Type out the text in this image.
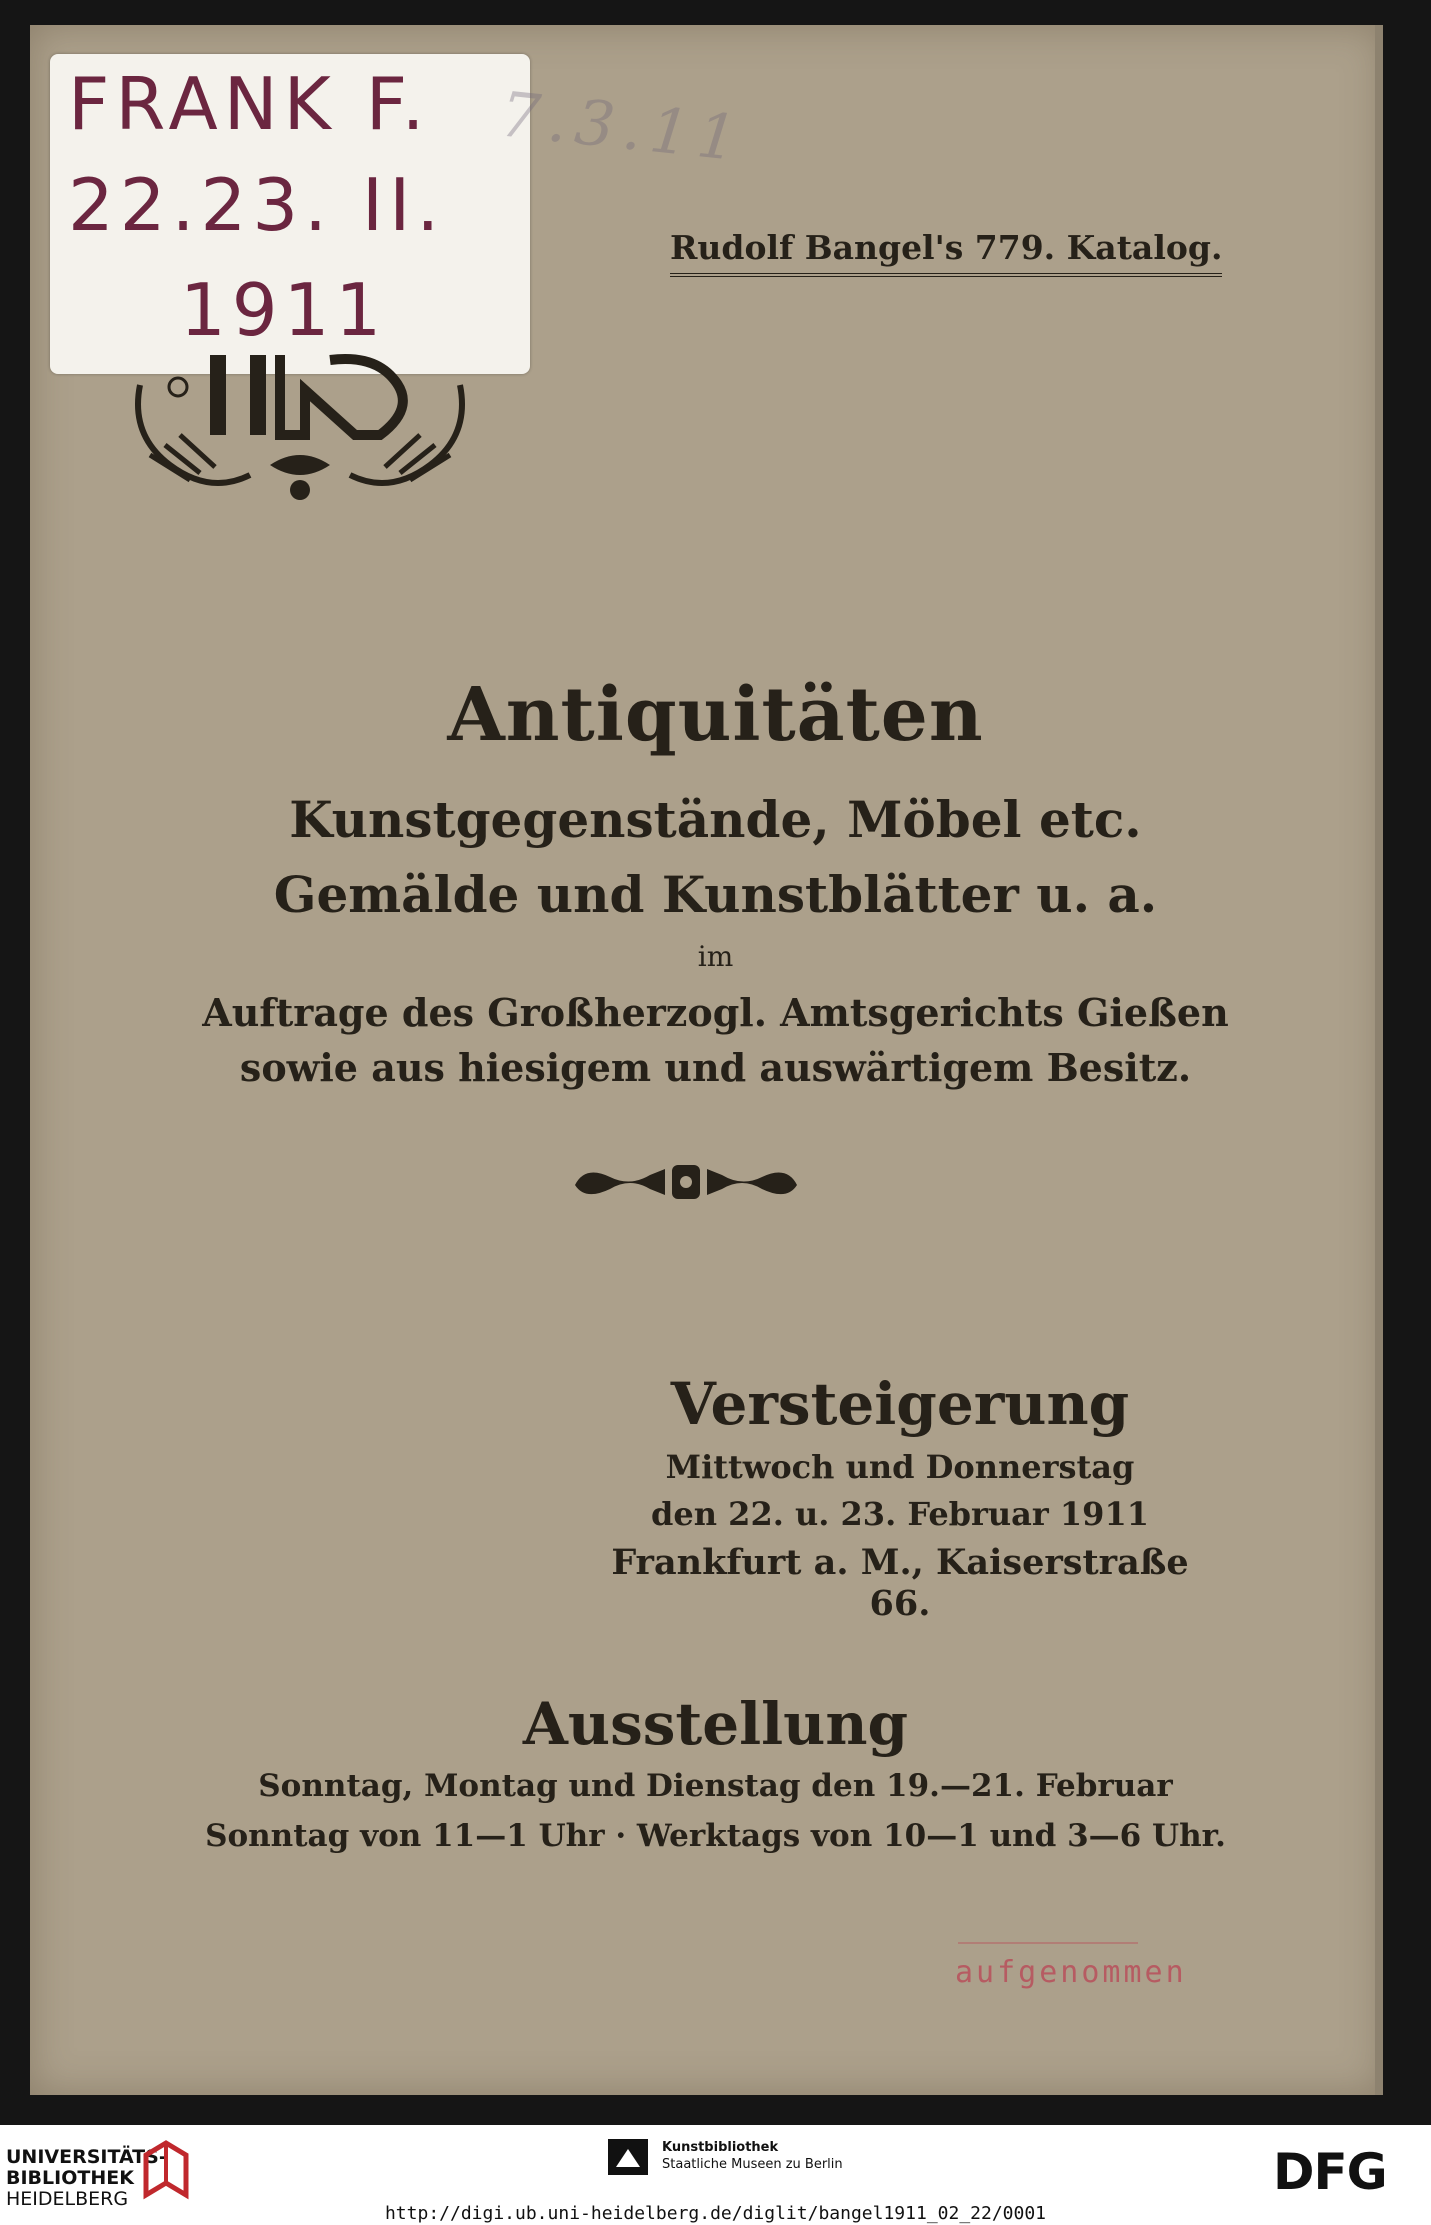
FRANK F.
22.23. II.
1911
7.3.11
Rudolf Bangel's 779. Katalog.
Antiquitäten
Kunstgegenstände, Möbel etc.
Gemälde und Kunstblätter u. a.
im
Auftrage des Großherzogl. Amtsgerichts Gießen
sowie aus hiesigem und auswärtigem Besitz.
Versteigerung
Mittwoch und Donnerstag
den 22. u. 23. Februar 1911
Frankfurt a. M., Kaiserstraße 66.
Ausstellung
Sonntag, Montag und Dienstag den 19.—21. Februar
Sonntag von 11—1 Uhr · Werktags von 10—1 und 3—6 Uhr.
aufgenommen
UNIVERSITÄTS-
BIBLIOTHEK
HEIDELBERG
Kunstbibliothek
Staatliche Museen zu Berlin	DFG
http://digi.ub.uni-heidelberg.de/diglit/bangel1911_02_22/0001
